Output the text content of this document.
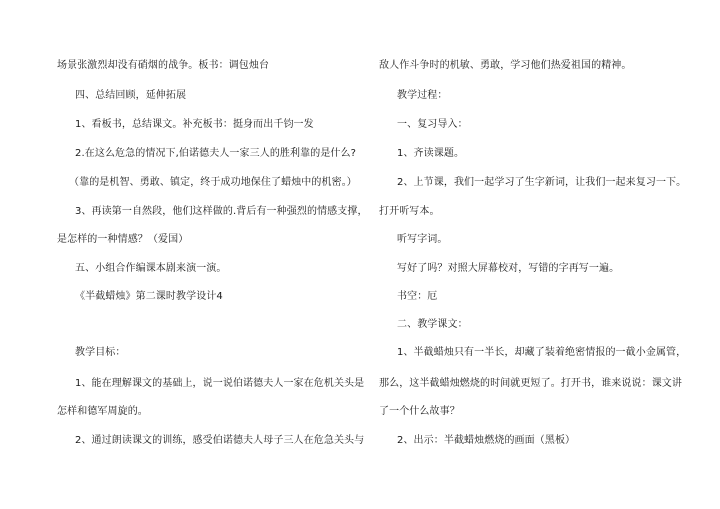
场景张激烈却没有硝烟的战争。板书：调包烛台
四、总结回顾，延伸拓展
1、看板书，总结课文。补充板书：挺身而出千钧一发
2.在这么危急的情况下,伯诺德夫人一家三人的胜利靠的是什么?
（靠的是机智、勇敢、镇定，终于成功地保住了蜡烛中的机密。）
3、再读第一自然段，他们这样做的.背后有一种强烈的情感支撑，
是怎样的一种情感？（爱国）
五、小组合作编课本剧来演一演。
《半截蜡烛》第二课时教学设计4
教学目标：
1、能在理解课文的基础上，说一说伯诺德夫人一家在危机关头是
怎样和德军周旋的。
2、通过朗读课文的训练，感受伯诺德夫人母子三人在危急关头与
敌人作斗争时的机敏、勇敢，学习他们热爱祖国的精神。
教学过程：
一、复习导入：
1、齐读课题。
2、上节课，我们一起学习了生字新词，让我们一起来复习一下。
打开听写本。
听写字词。
写好了吗？对照大屏幕校对，写错的字再写一遍。
书空：厄
二、教学课文：
1、半截蜡烛只有一半长，却藏了装着绝密情报的一截小金属管，
那么，这半截蜡烛燃烧的时间就更短了。打开书，谁来说说：课文讲
了一个什么故事？
2、出示：半截蜡烛燃烧的画面（黑板）
